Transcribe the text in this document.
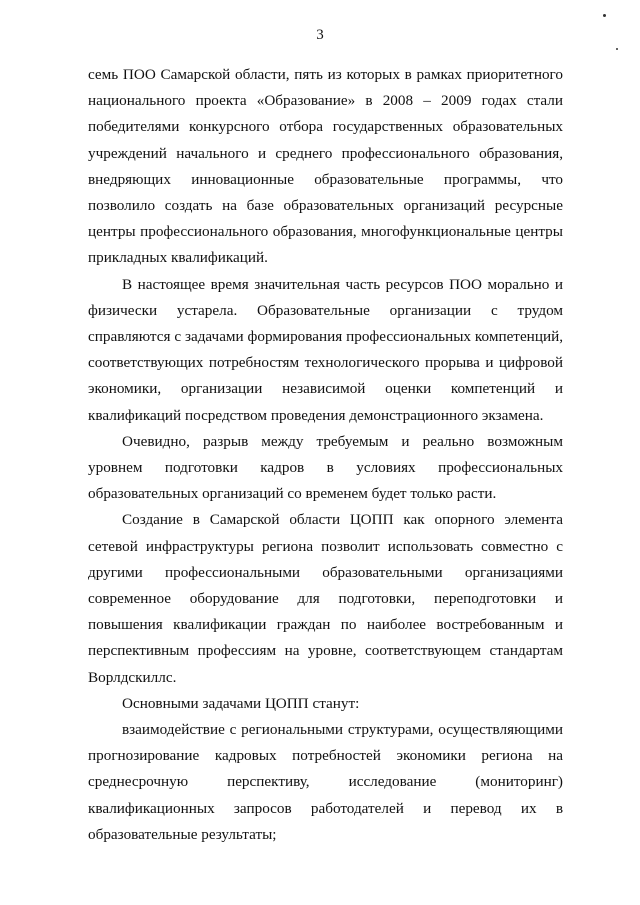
3

семь ПОО Самарской области, пять из которых в рамках приоритетного национального проекта «Образование» в 2008 – 2009 годах стали победителями конкурсного отбора государственных образовательных учреждений начального и среднего профессионального образования, внедряющих инновационные образовательные программы, что позволило создать на базе образовательных организаций ресурсные центры профессионального образования, многофункциональные центры прикладных квалификаций.

В настоящее время значительная часть ресурсов ПОО морально и физически устарела. Образовательные организации с трудом справляются с задачами формирования профессиональных компетенций, соответствующих потребностям технологического прорыва и цифровой экономики, организации независимой оценки компетенций и квалификаций посредством проведения демонстрационного экзамена.

Очевидно, разрыв между требуемым и реально возможным уровнем подготовки кадров в условиях профессиональных образовательных организаций со временем будет только расти.

Создание в Самарской области ЦОПП как опорного элемента сетевой инфраструктуры региона позволит использовать совместно с другими профессиональными образовательными организациями современное оборудование для подготовки, переподготовки и повышения квалификации граждан по наиболее востребованным и перспективным профессиям на уровне, соответствующем стандартам Ворлдскиллс.

Основными задачами ЦОПП станут:

взаимодействие с региональными структурами, осуществляющими прогнозирование кадровых потребностей экономики региона на среднесрочную перспективу, исследование (мониторинг) квалификационных запросов работодателей и перевод их в образовательные результаты;
